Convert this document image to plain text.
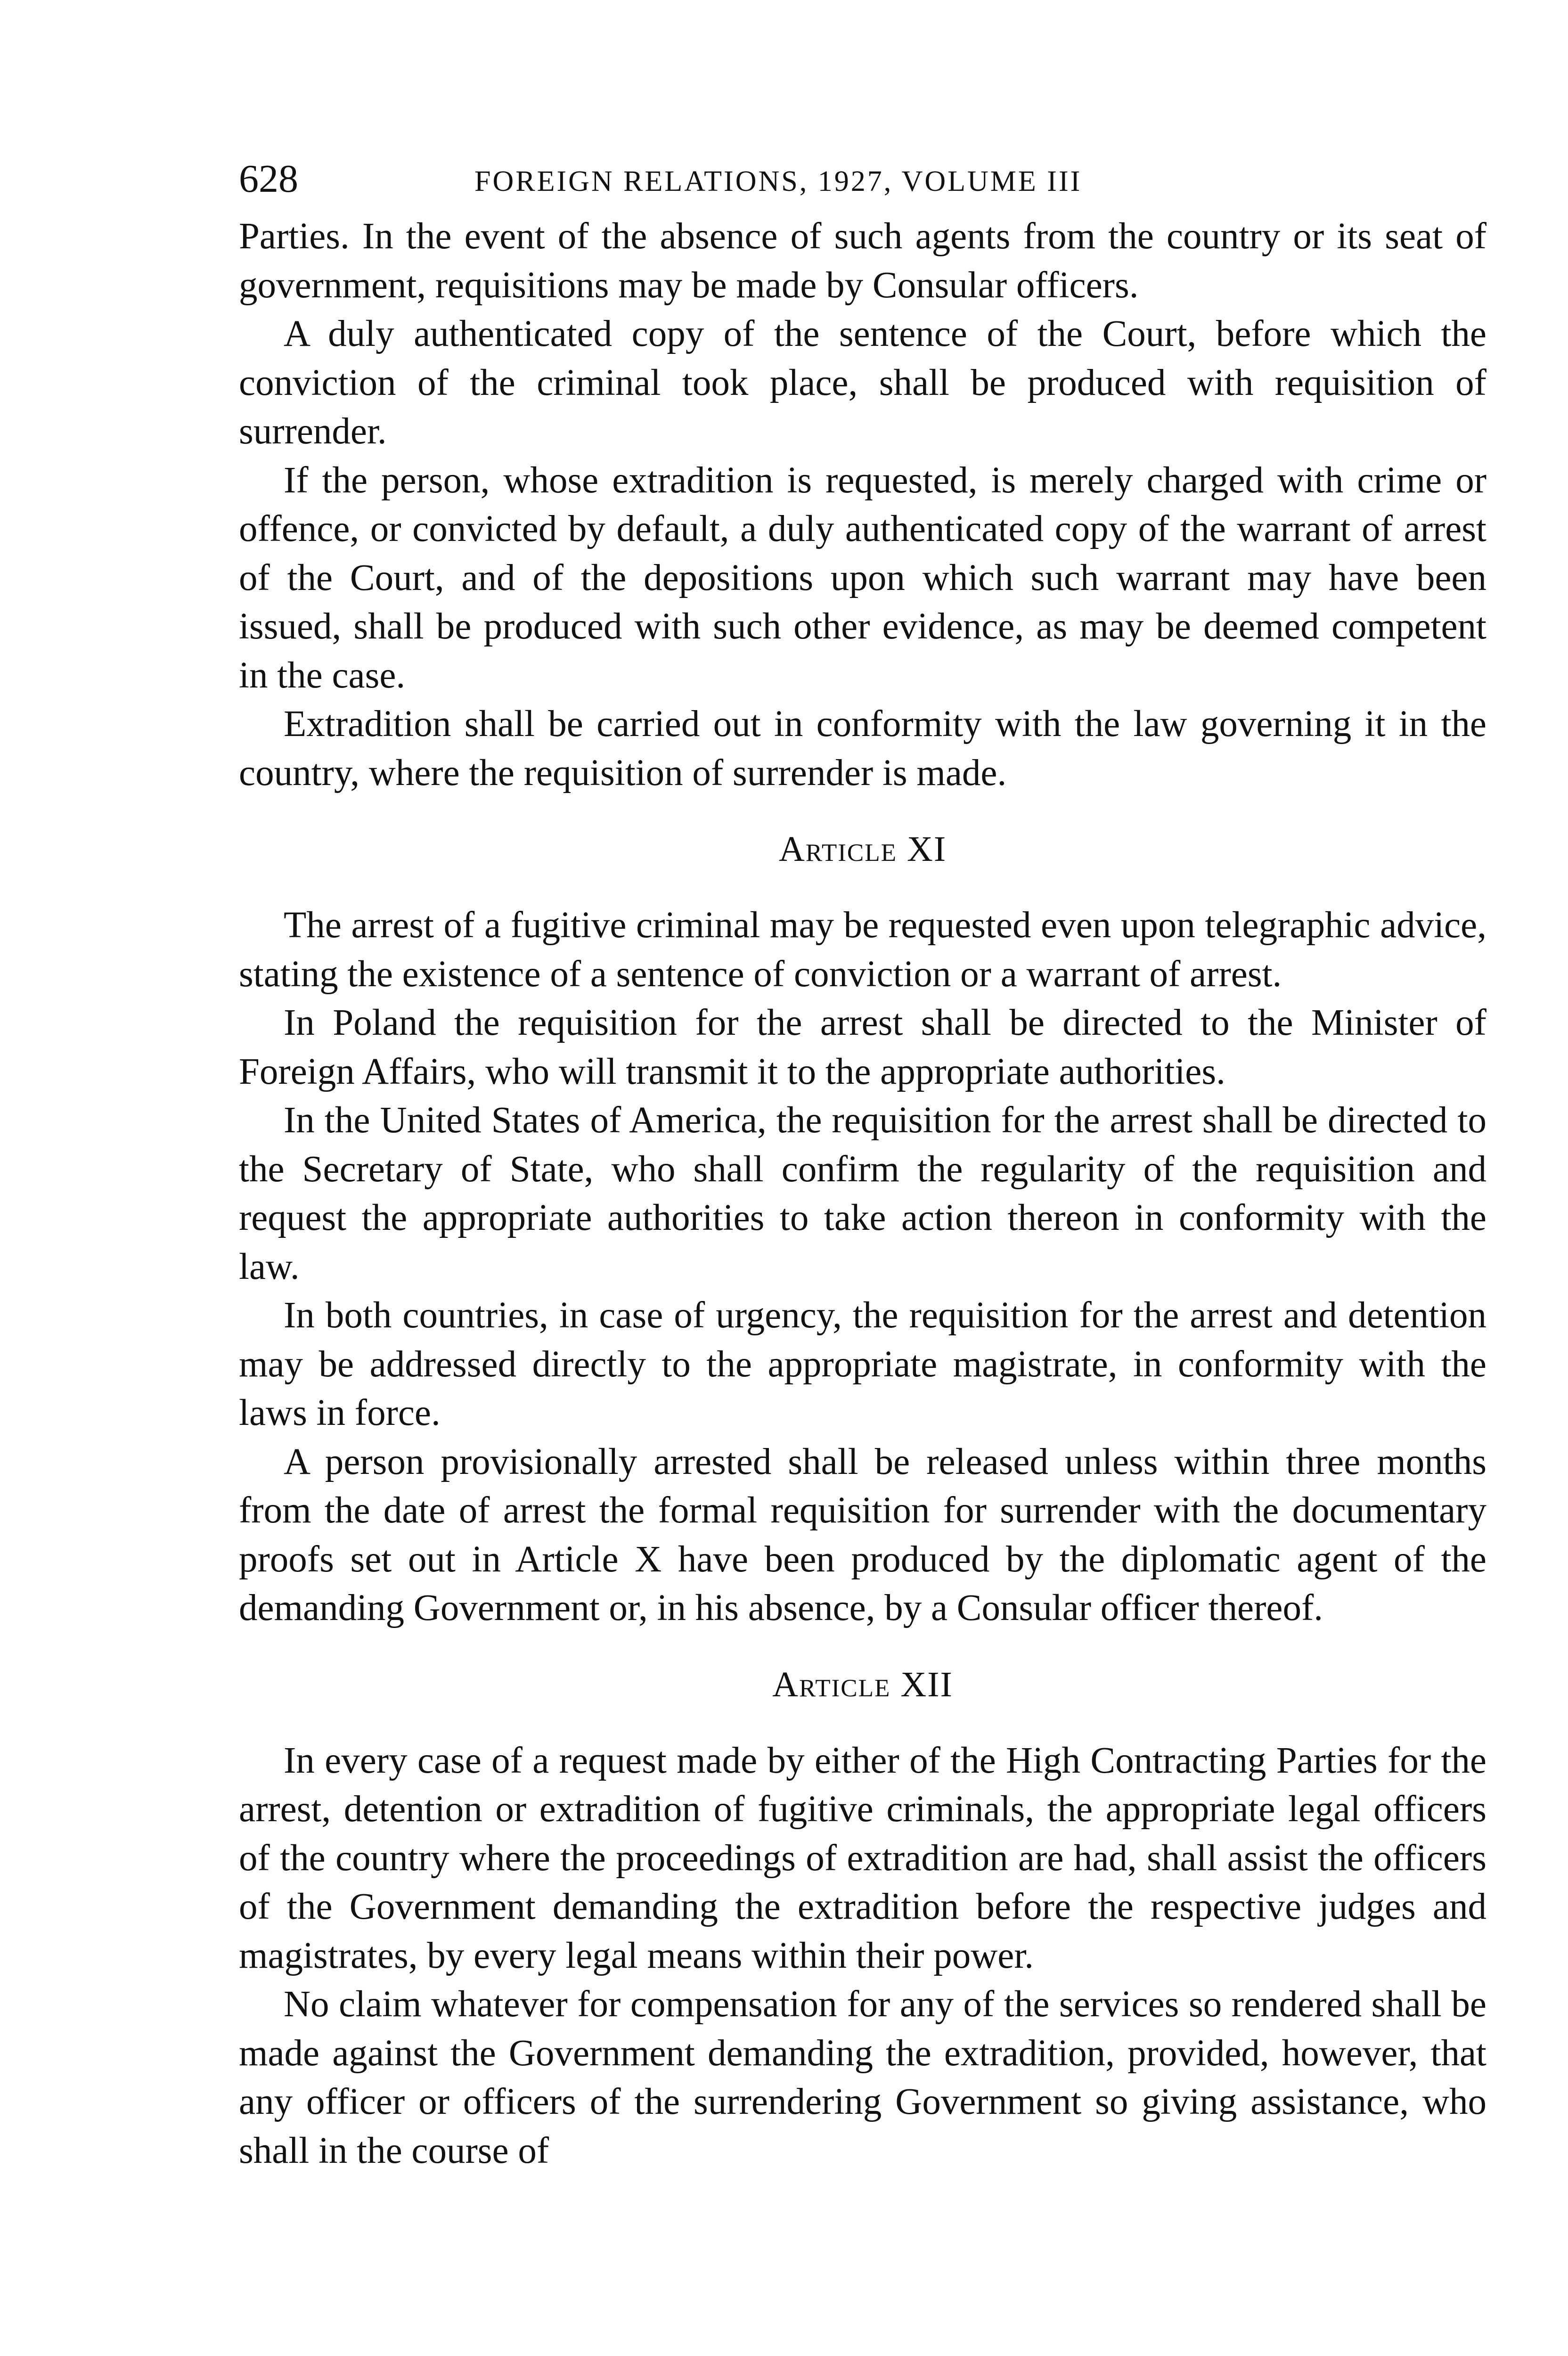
628	FOREIGN RELATIONS, 1927, VOLUME III

Parties. In the event of the absence of such agents from the country or its seat of government, requisitions may be made by Consular officers.

A duly authenticated copy of the sentence of the Court, before which the conviction of the criminal took place, shall be produced with requisition of surrender.

If the person, whose extradition is requested, is merely charged with crime or offence, or convicted by default, a duly authenticated copy of the warrant of arrest of the Court, and of the depositions upon which such warrant may have been issued, shall be produced with such other evidence, as may be deemed competent in the case.

Extradition shall be carried out in conformity with the law governing it in the country, where the requisition of surrender is made.

Article XI

The arrest of a fugitive criminal may be requested even upon telegraphic advice, stating the existence of a sentence of conviction or a warrant of arrest.

In Poland the requisition for the arrest shall be directed to the Minister of Foreign Affairs, who will transmit it to the appropriate authorities.

In the United States of America, the requisition for the arrest shall be directed to the Secretary of State, who shall confirm the regularity of the requisition and request the appropriate authorities to take action thereon in conformity with the law.

In both countries, in case of urgency, the requisition for the arrest and detention may be addressed directly to the appropriate magistrate, in conformity with the laws in force.

A person provisionally arrested shall be released unless within three months from the date of arrest the formal requisition for surrender with the documentary proofs set out in Article X have been produced by the diplomatic agent of the demanding Government or, in his absence, by a Consular officer thereof.

Article XII

In every case of a request made by either of the High Contracting Parties for the arrest, detention or extradition of fugitive criminals, the appropriate legal officers of the country where the proceedings of extradition are had, shall assist the officers of the Government demanding the extradition before the respective judges and magistrates, by every legal means within their power.

No claim whatever for compensation for any of the services so rendered shall be made against the Government demanding the extradition, provided, however, that any officer or officers of the surrendering Government so giving assistance, who shall in the course of
